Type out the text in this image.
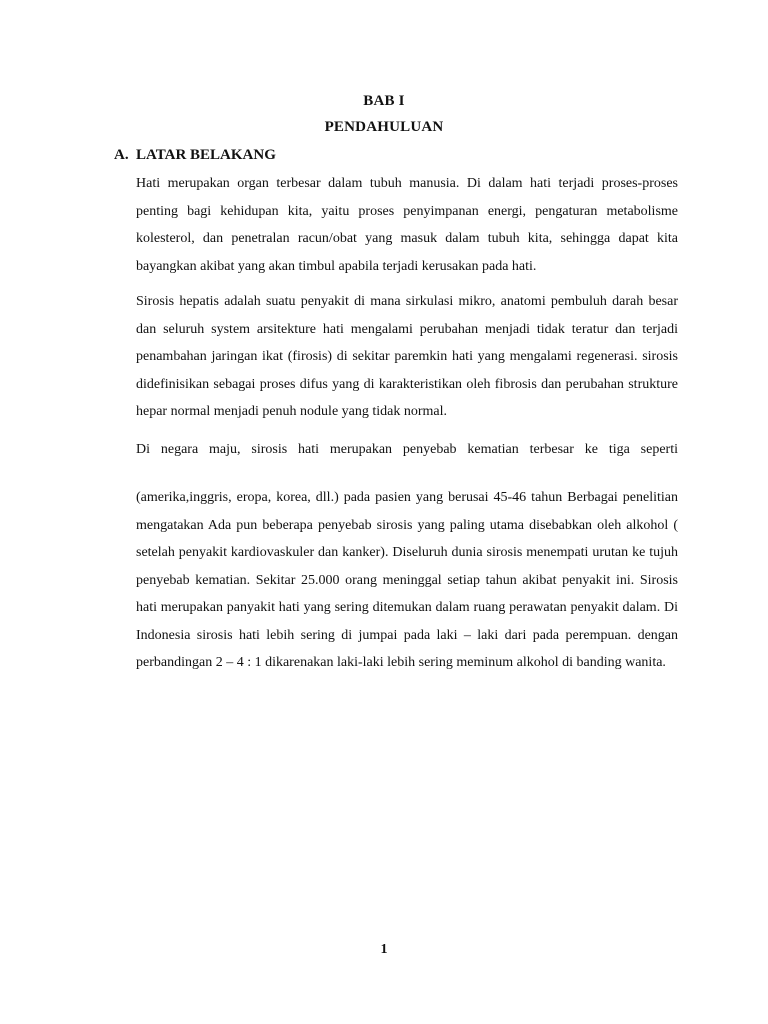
BAB I
PENDAHULUAN
A. LATAR BELAKANG

Hati merupakan organ terbesar dalam tubuh manusia. Di dalam hati terjadi proses-proses penting bagi kehidupan kita, yaitu proses penyimpanan energi, pengaturan metabolisme kolesterol, dan penetralan racun/obat yang masuk dalam tubuh kita, sehingga dapat kita bayangkan akibat yang akan timbul apabila terjadi kerusakan pada hati.

Sirosis hepatis adalah suatu penyakit di mana sirkulasi mikro, anatomi pembuluh darah besar dan seluruh system arsitekture hati mengalami perubahan menjadi tidak teratur dan terjadi penambahan jaringan ikat (firosis) di sekitar paremkin hati yang mengalami regenerasi. sirosis didefinisikan sebagai proses difus yang di karakteristikan oleh fibrosis dan perubahan strukture hepar normal menjadi penuh nodule yang tidak normal.

Di negara maju, sirosis hati merupakan penyebab kematian terbesar ke tiga seperti

(amerika,inggris, eropa, korea, dll.) pada pasien yang berusai 45-46 tahun Berbagai penelitian mengatakan Ada pun beberapa penyebab sirosis yang paling utama disebabkan oleh alkohol ( setelah penyakit kardiovaskuler dan kanker). Diseluruh dunia sirosis menempati urutan ke tujuh penyebab kematian. Sekitar 25.000 orang meninggal setiap tahun akibat penyakit ini. Sirosis hati merupakan panyakit hati yang sering ditemukan dalam ruang perawatan penyakit dalam. Di Indonesia sirosis hati lebih sering di jumpai pada laki – laki dari pada perempuan. dengan perbandingan 2 – 4 : 1 dikarenakan laki-laki lebih sering meminum alkohol di banding wanita.

1
